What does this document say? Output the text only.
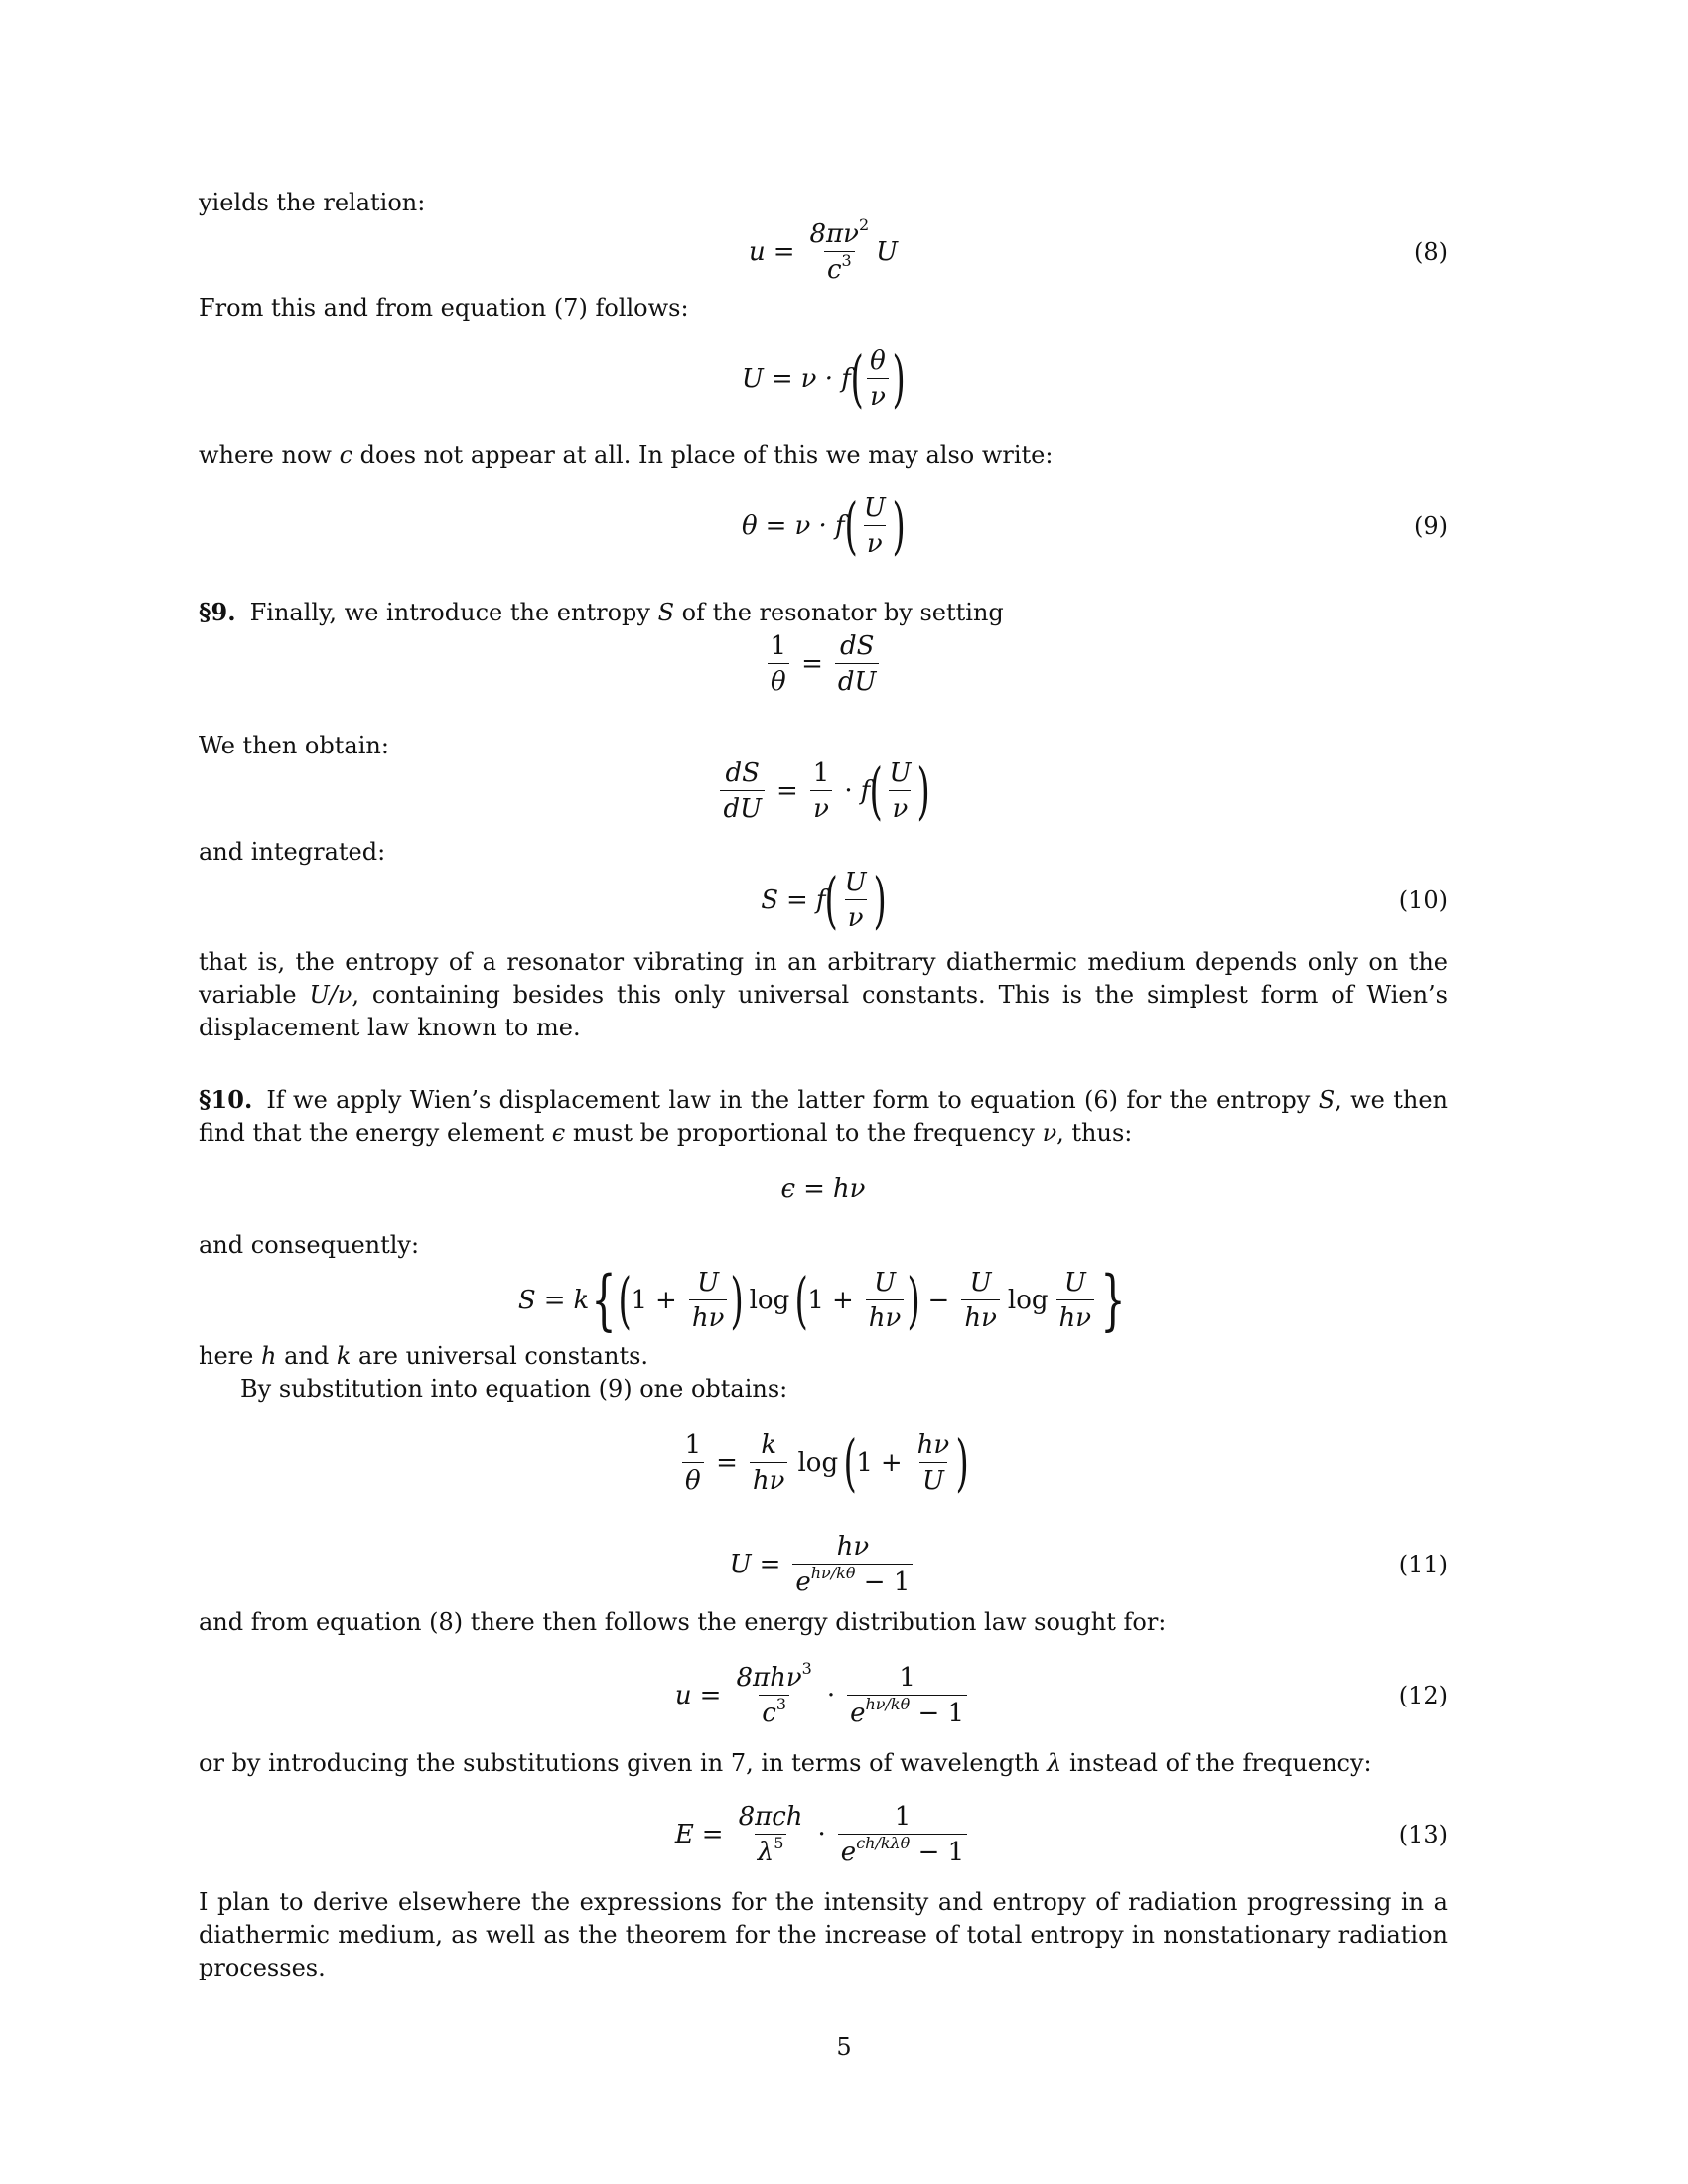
yields the relation:
$u = \frac{8\pi\nu^2}{c^3}$ U	(8)
From this and from equation (7) follows:
U = ν · f ( $\frac{\theta}{\nu}$ )
where now c does not appear at all. In place of this we may also write:
θ = ν · f ( $\frac{U}{\nu}$ )	(9)
§9. Finally, we introduce the entropy S of the resonator by setting
$\frac{1}{\theta} = \frac{dS}{dU}$
We then obtain:
$\frac{dS}{dU} = \frac{1}{\nu} \cdot f$ ( $\frac{U}{\nu}$ )
and integrated:
S = f ( $\frac{U}{\nu}$ )	(10)
that is, the entropy of a resonator vibrating in an arbitrary diathermic medium depends only on the variable U/ν, containing besides this only universal constants. This is the simplest form of Wien’s displacement law known to me.
§10. If we apply Wien’s displacement law in the latter form to equation (6) for the entropy S, we then find that the energy element ϵ must be proportional to the frequency ν, thus:
ϵ = hν
and consequently:
S = k { ( $1 + \frac{U}{h\nu}$ ) log ( $1 + \frac{U}{h\nu}$ ) − $\frac{U}{h\nu}$ $\log \frac{U}{h\nu}$ }
here h and k are universal constants.
By substitution into equation (9) one obtains:
$\frac{1}{\theta} = \frac{k}{h\nu}$ log ( $1 + \frac{h\nu}{U}$ )
$U = \frac{h\nu}{e^{h\nu/k\theta} - 1}$	(11)
and from equation (8) there then follows the energy distribution law sought for:
$u = \frac{8\pi h\nu^3}{c^3} \cdot \frac{1}{e^{h\nu/k\theta} - 1}$	(12)
or by introducing the substitutions given in 7, in terms of wavelength λ instead of the frequency:
$E = \frac{\text{8πch}}{\lambda^5} \cdot \frac{1}{e^{ch/k\lambda\theta} - 1}$	(13)
I plan to derive elsewhere the expressions for the intensity and entropy of radiation progressing in a diathermic medium, as well as the theorem for the increase of total entropy in nonstationary radiation processes.
5
